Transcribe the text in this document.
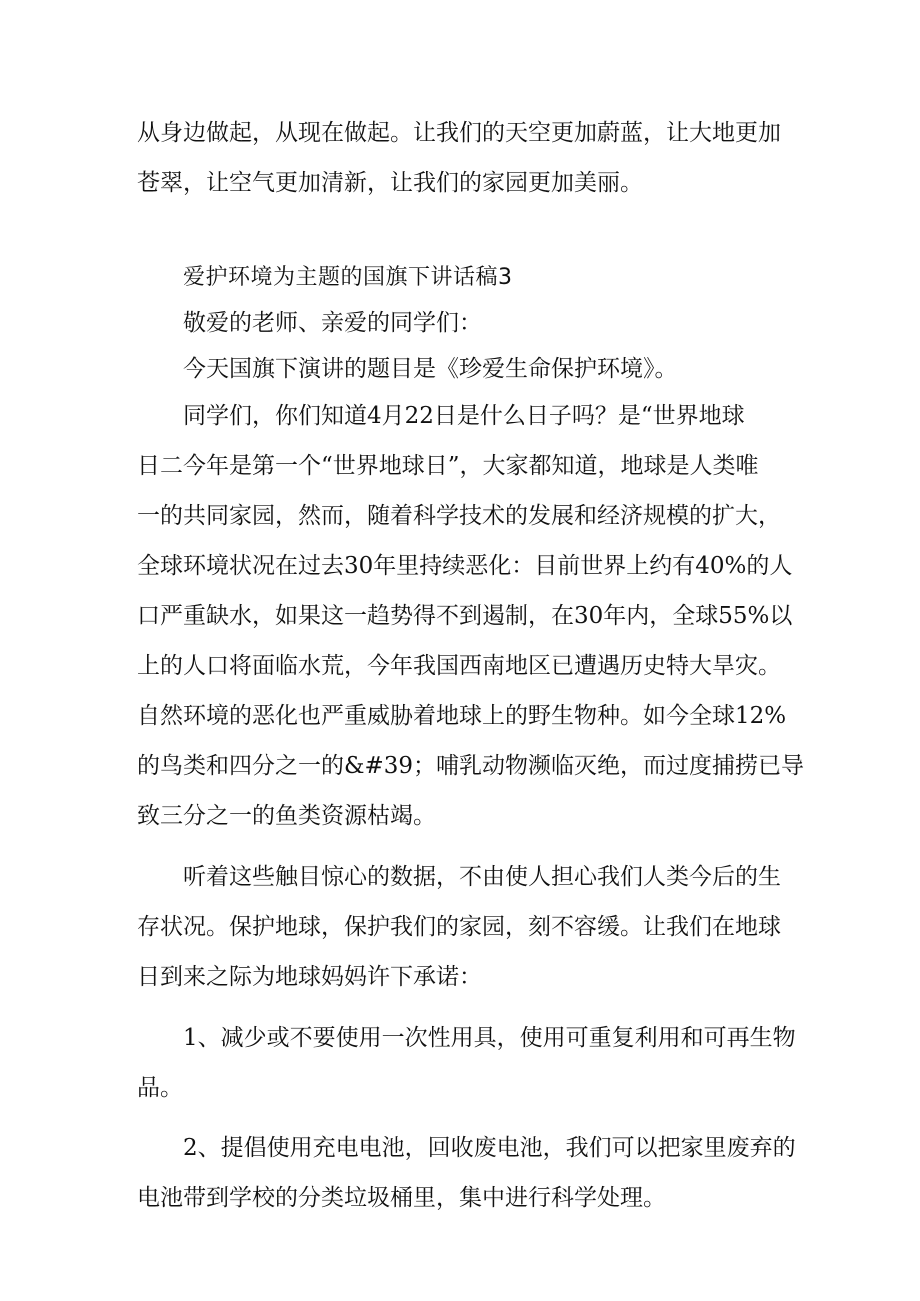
从身边做起，从现在做起。让我们的天空更加蔚蓝，让大地更加
苍翠，让空气更加清新，让我们的家园更加美丽。
爱护环境为主题的国旗下讲话稿3
敬爱的老师、亲爱的同学们：
今天国旗下演讲的题目是《珍爱生命保护环境》。
同学们，你们知道4月22日是什么日子吗？是“世界地球
日二今年是第一个“世界地球日”，大家都知道，地球是人类唯
一的共同家园，然而，随着科学技术的发展和经济规模的扩大，
全球环境状况在过去30年里持续恶化：目前世界上约有40%的人
口严重缺水，如果这一趋势得不到遏制，在30年内，全球55%以
上的人口将面临水荒，今年我国西南地区已遭遇历史特大旱灾。
自然环境的恶化也严重威胁着地球上的野生物种。如今全球12%
的鸟类和四分之一的&#39；哺乳动物濒临灭绝，而过度捕捞已导
致三分之一的鱼类资源枯竭。
听着这些触目惊心的数据，不由使人担心我们人类今后的生
存状况。保护地球，保护我们的家园，刻不容缓。让我们在地球
日到来之际为地球妈妈许下承诺：
1、减少或不要使用一次性用具，使用可重复利用和可再生物
品。
2、提倡使用充电电池，回收废电池，我们可以把家里废弃的
电池带到学校的分类垃圾桶里，集中进行科学处理。
